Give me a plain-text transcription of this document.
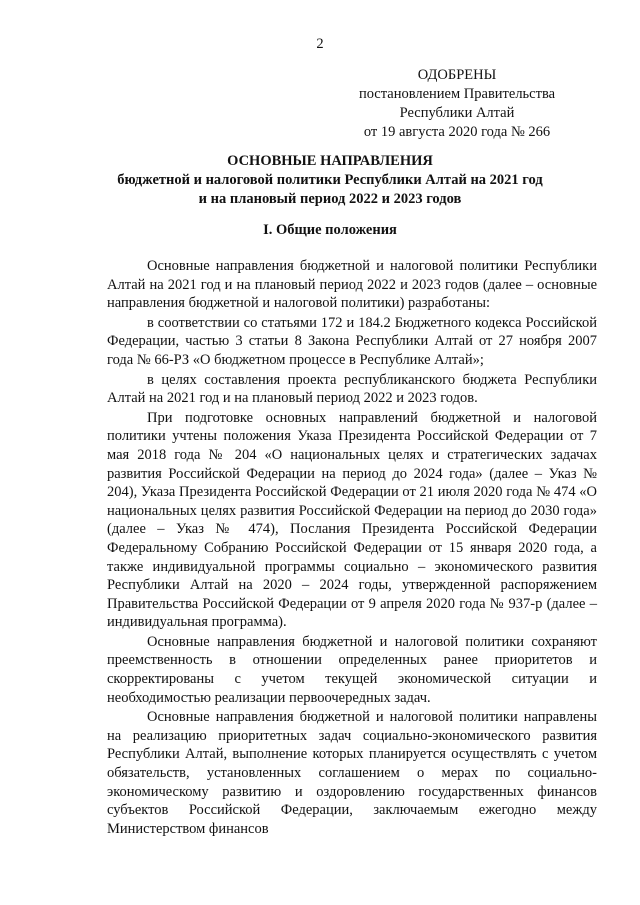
2
ОДОБРЕНЫ
постановлением Правительства
Республики Алтай
от 19 августа 2020 года № 266
ОСНОВНЫЕ НАПРАВЛЕНИЯ
бюджетной и налоговой политики Республики Алтай на 2021 год
и на плановый период 2022 и 2023 годов
I. Общие положения

Основные направления бюджетной и налоговой политики Республики Алтай на 2021 год и на плановый период 2022 и 2023 годов (далее – основные направления бюджетной и налоговой политики) разработаны:

в соответствии со статьями 172 и 184.2 Бюджетного кодекса Российской Федерации, частью 3 статьи 8 Закона Республики Алтай от 27 ноября 2007 года № 66-РЗ «О бюджетном процессе в Республике Алтай»;

в целях составления проекта республиканского бюджета Республики Алтай на 2021 год и на плановый период 2022 и 2023 годов.

При подготовке основных направлений бюджетной и налоговой политики учтены положения Указа Президента Российской Федерации от 7 мая 2018 года № 204 «О национальных целях и стратегических задачах развития Российской Федерации на период до 2024 года» (далее – Указ № 204), Указа Президента Российской Федерации от 21 июля 2020 года № 474 «О национальных целях развития Российской Федерации на период до 2030 года» (далее – Указ № 474), Послания Президента Российской Федерации Федеральному Собранию Российской Федерации от 15 января 2020 года, а также индивидуальной программы социально – экономического развития Республики Алтай на 2020 – 2024 годы, утвержденной распоряжением Правительства Российской Федерации от 9 апреля 2020 года № 937-р (далее – индивидуальная программа).

Основные направления бюджетной и налоговой политики сохраняют преемственность в отношении определенных ранее приоритетов и скорректированы с учетом текущей экономической ситуации и необходимостью реализации первоочередных задач.

Основные направления бюджетной и налоговой политики направлены на реализацию приоритетных задач социально-экономического развития Республики Алтай, выполнение которых планируется осуществлять с учетом обязательств, установленных соглашением о мерах по социально-экономическому развитию и оздоровлению государственных финансов субъектов Российской Федерации, заключаемым ежегодно между Министерством финансов
